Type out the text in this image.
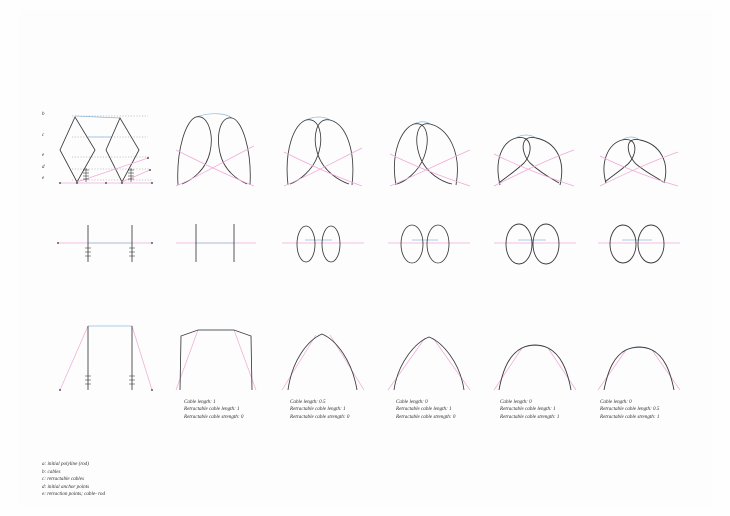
b
c
e
d
e
Cable length: 1
Retractable cable length: 1
Retractable cable strength: 0
Cable length: 0.5
Retractable cable length: 1
Retractable cable strength: 0
Cable length: 0
Retractable cable length: 1
Retractable cable strength: 0
Cable length: 0
Retractable cable length: 1
Retractable cable strength: 1
Cable length: 0
Retractable cable length: 0.5
Retractable cable strength: 1
a: initial polyline (rod)
b: cables
c: retractable cables
d: initial anchor points
e: retraction points; cable- rod
